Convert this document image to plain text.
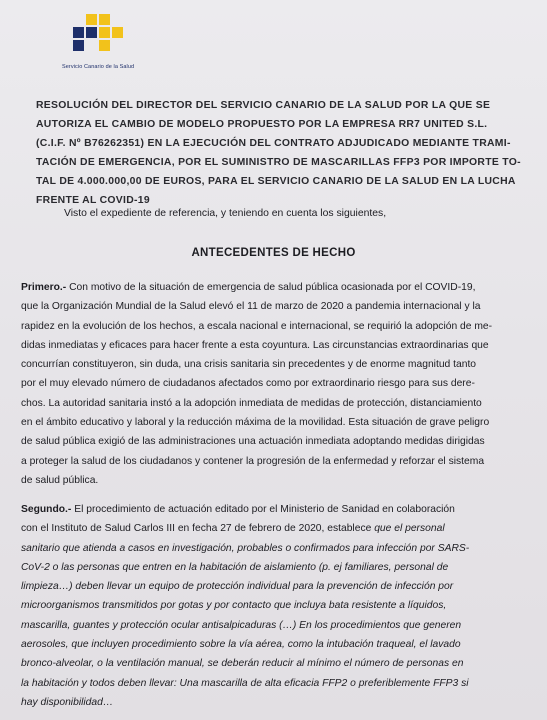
Servicio Canario de la Salud
RESOLUCIÓN DEL DIRECTOR DEL SERVICIO CANARIO DE LA SALUD POR LA QUE SE
AUTORIZA EL CAMBIO DE MODELO PROPUESTO POR LA EMPRESA RR7 UNITED S.L.
(C.I.F. Nº B76262351) EN LA EJECUCIÓN DEL CONTRATO ADJUDICADO MEDIANTE TRAMI-
TACIÓN DE EMERGENCIA, POR EL SUMINISTRO DE MASCARILLAS FFP3 POR IMPORTE TO-
TAL DE 4.000.000,00 DE EUROS, PARA EL SERVICIO CANARIO DE LA SALUD EN LA LUCHA
FRENTE AL COVID-19

Visto el expediente de referencia, y teniendo en cuenta los siguientes,

ANTECEDENTES DE HECHO
Primero.- Con motivo de la situación de emergencia de salud pública ocasionada por el COVID-19,
que la Organización Mundial de la Salud elevó el 11 de marzo de 2020 a pandemia internacional y la
rapidez en la evolución de los hechos, a escala nacional e internacional, se requirió la adopción de me-
didas inmediatas y eficaces para hacer frente a esta coyuntura. Las circunstancias extraordinarias que
concurrían constituyeron, sin duda, una crisis sanitaria sin precedentes y de enorme magnitud tanto
por el muy elevado número de ciudadanos afectados como por extraordinario riesgo para sus dere-
chos. La autoridad sanitaria instó a la adopción inmediata de medidas de protección, distanciamiento
en el ámbito educativo y laboral y la reducción máxima de la movilidad. Esta situación de grave peligro
de salud pública exigió de las administraciones una actuación inmediata adoptando medidas dirigidas
a proteger la salud de los ciudadanos y contener la progresión de la enfermedad y reforzar el sistema
de salud pública.
Segundo.- El procedimiento de actuación editado por el Ministerio de Sanidad en colaboración
con el Instituto de Salud Carlos III en fecha 27 de febrero de 2020, establece que el personal
sanitario que atienda a casos en investigación, probables o confirmados para infección por SARS-
CoV-2 o las personas que entren en la habitación de aislamiento (p. ej familiares, personal de
limpieza…) deben llevar un equipo de protección individual para la prevención de infección por
microorganismos transmitidos por gotas y por contacto que incluya bata resistente a líquidos,
mascarilla, guantes y protección ocular antisalpicaduras (…) En los procedimientos que generen
aerosoles, que incluyen procedimiento sobre la vía aérea, como la intubación traqueal, el lavado
bronco-alveolar, o la ventilación manual, se deberán reducir al mínimo el número de personas en
la habitación y todos deben llevar: Una mascarilla de alta eficacia FFP2 o preferiblemente FFP3 si
hay disponibilidad…
